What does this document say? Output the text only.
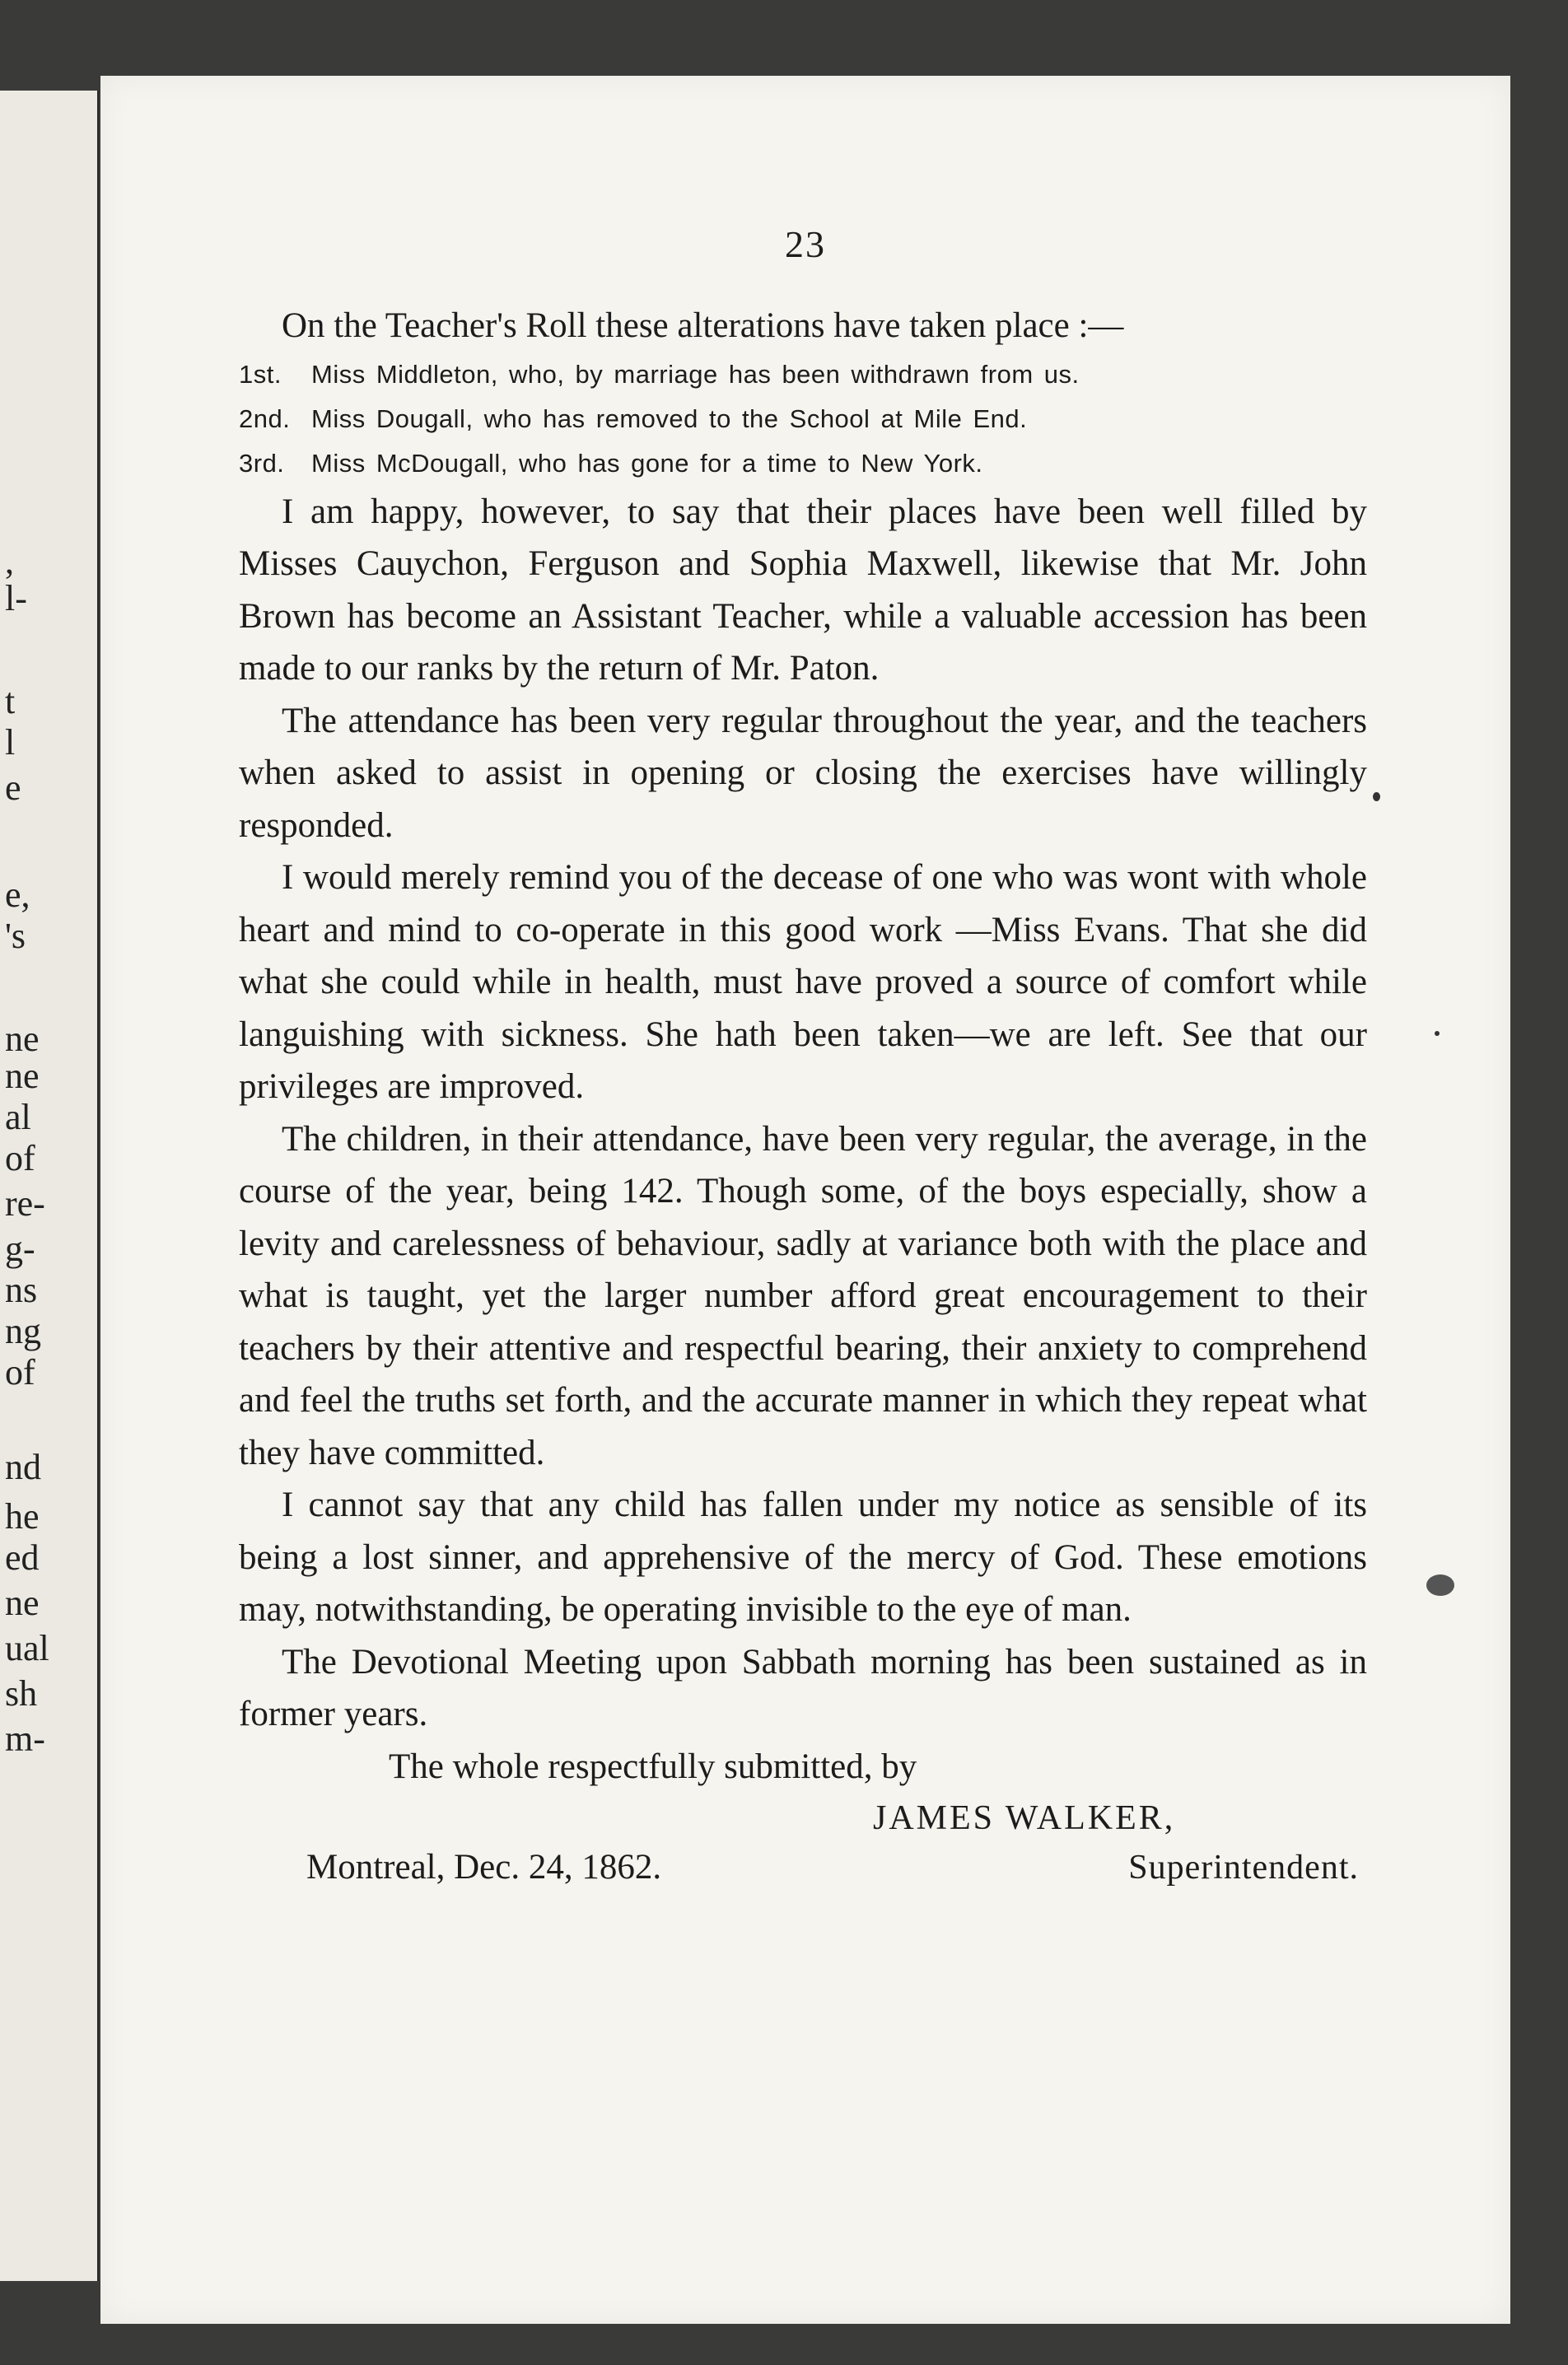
,
l-
t
l
e
e,
's
ne
ne
al
of
re-
g-
ns
ng
of
nd
he
ed
ne
ual
sh
m-
23

On the Teacher's Roll these alterations have taken place :—

1st. Miss Middleton, who, by marriage has been withdrawn from us.

2nd. Miss Dougall, who has removed to the School at Mile End.

3rd. Miss McDougall, who has gone for a time to New York.

I am happy, however, to say that their places have been well filled by Misses Cauychon, Ferguson and Sophia Maxwell, likewise that Mr. John Brown has become an Assistant Teacher, while a valuable accession has been made to our ranks by the return of Mr. Paton.

The attendance has been very regular throughout the year, and the teachers when asked to assist in opening or closing the exercises have willingly responded.

I would merely remind you of the decease of one who was wont with whole heart and mind to co-operate in this good work —Miss Evans. That she did what she could while in health, must have proved a source of comfort while languishing with sickness. She hath been taken—we are left. See that our privileges are improved.

The children, in their attendance, have been very regular, the average, in the course of the year, being 142. Though some, of the boys especially, show a levity and carelessness of behaviour, sadly at variance both with the place and what is taught, yet the larger number afford great encouragement to their teachers by their attentive and respectful bearing, their anxiety to comprehend and feel the truths set forth, and the accurate manner in which they repeat what they have committed.

I cannot say that any child has fallen under my notice as sensible of its being a lost sinner, and apprehensive of the mercy of God. These emotions may, notwithstanding, be operating invisible to the eye of man.

The Devotional Meeting upon Sabbath morning has been sustained as in former years.

The whole respectfully submitted, by

JAMES WALKER,

Montreal, Dec. 24, 1862.	Superintendent.
